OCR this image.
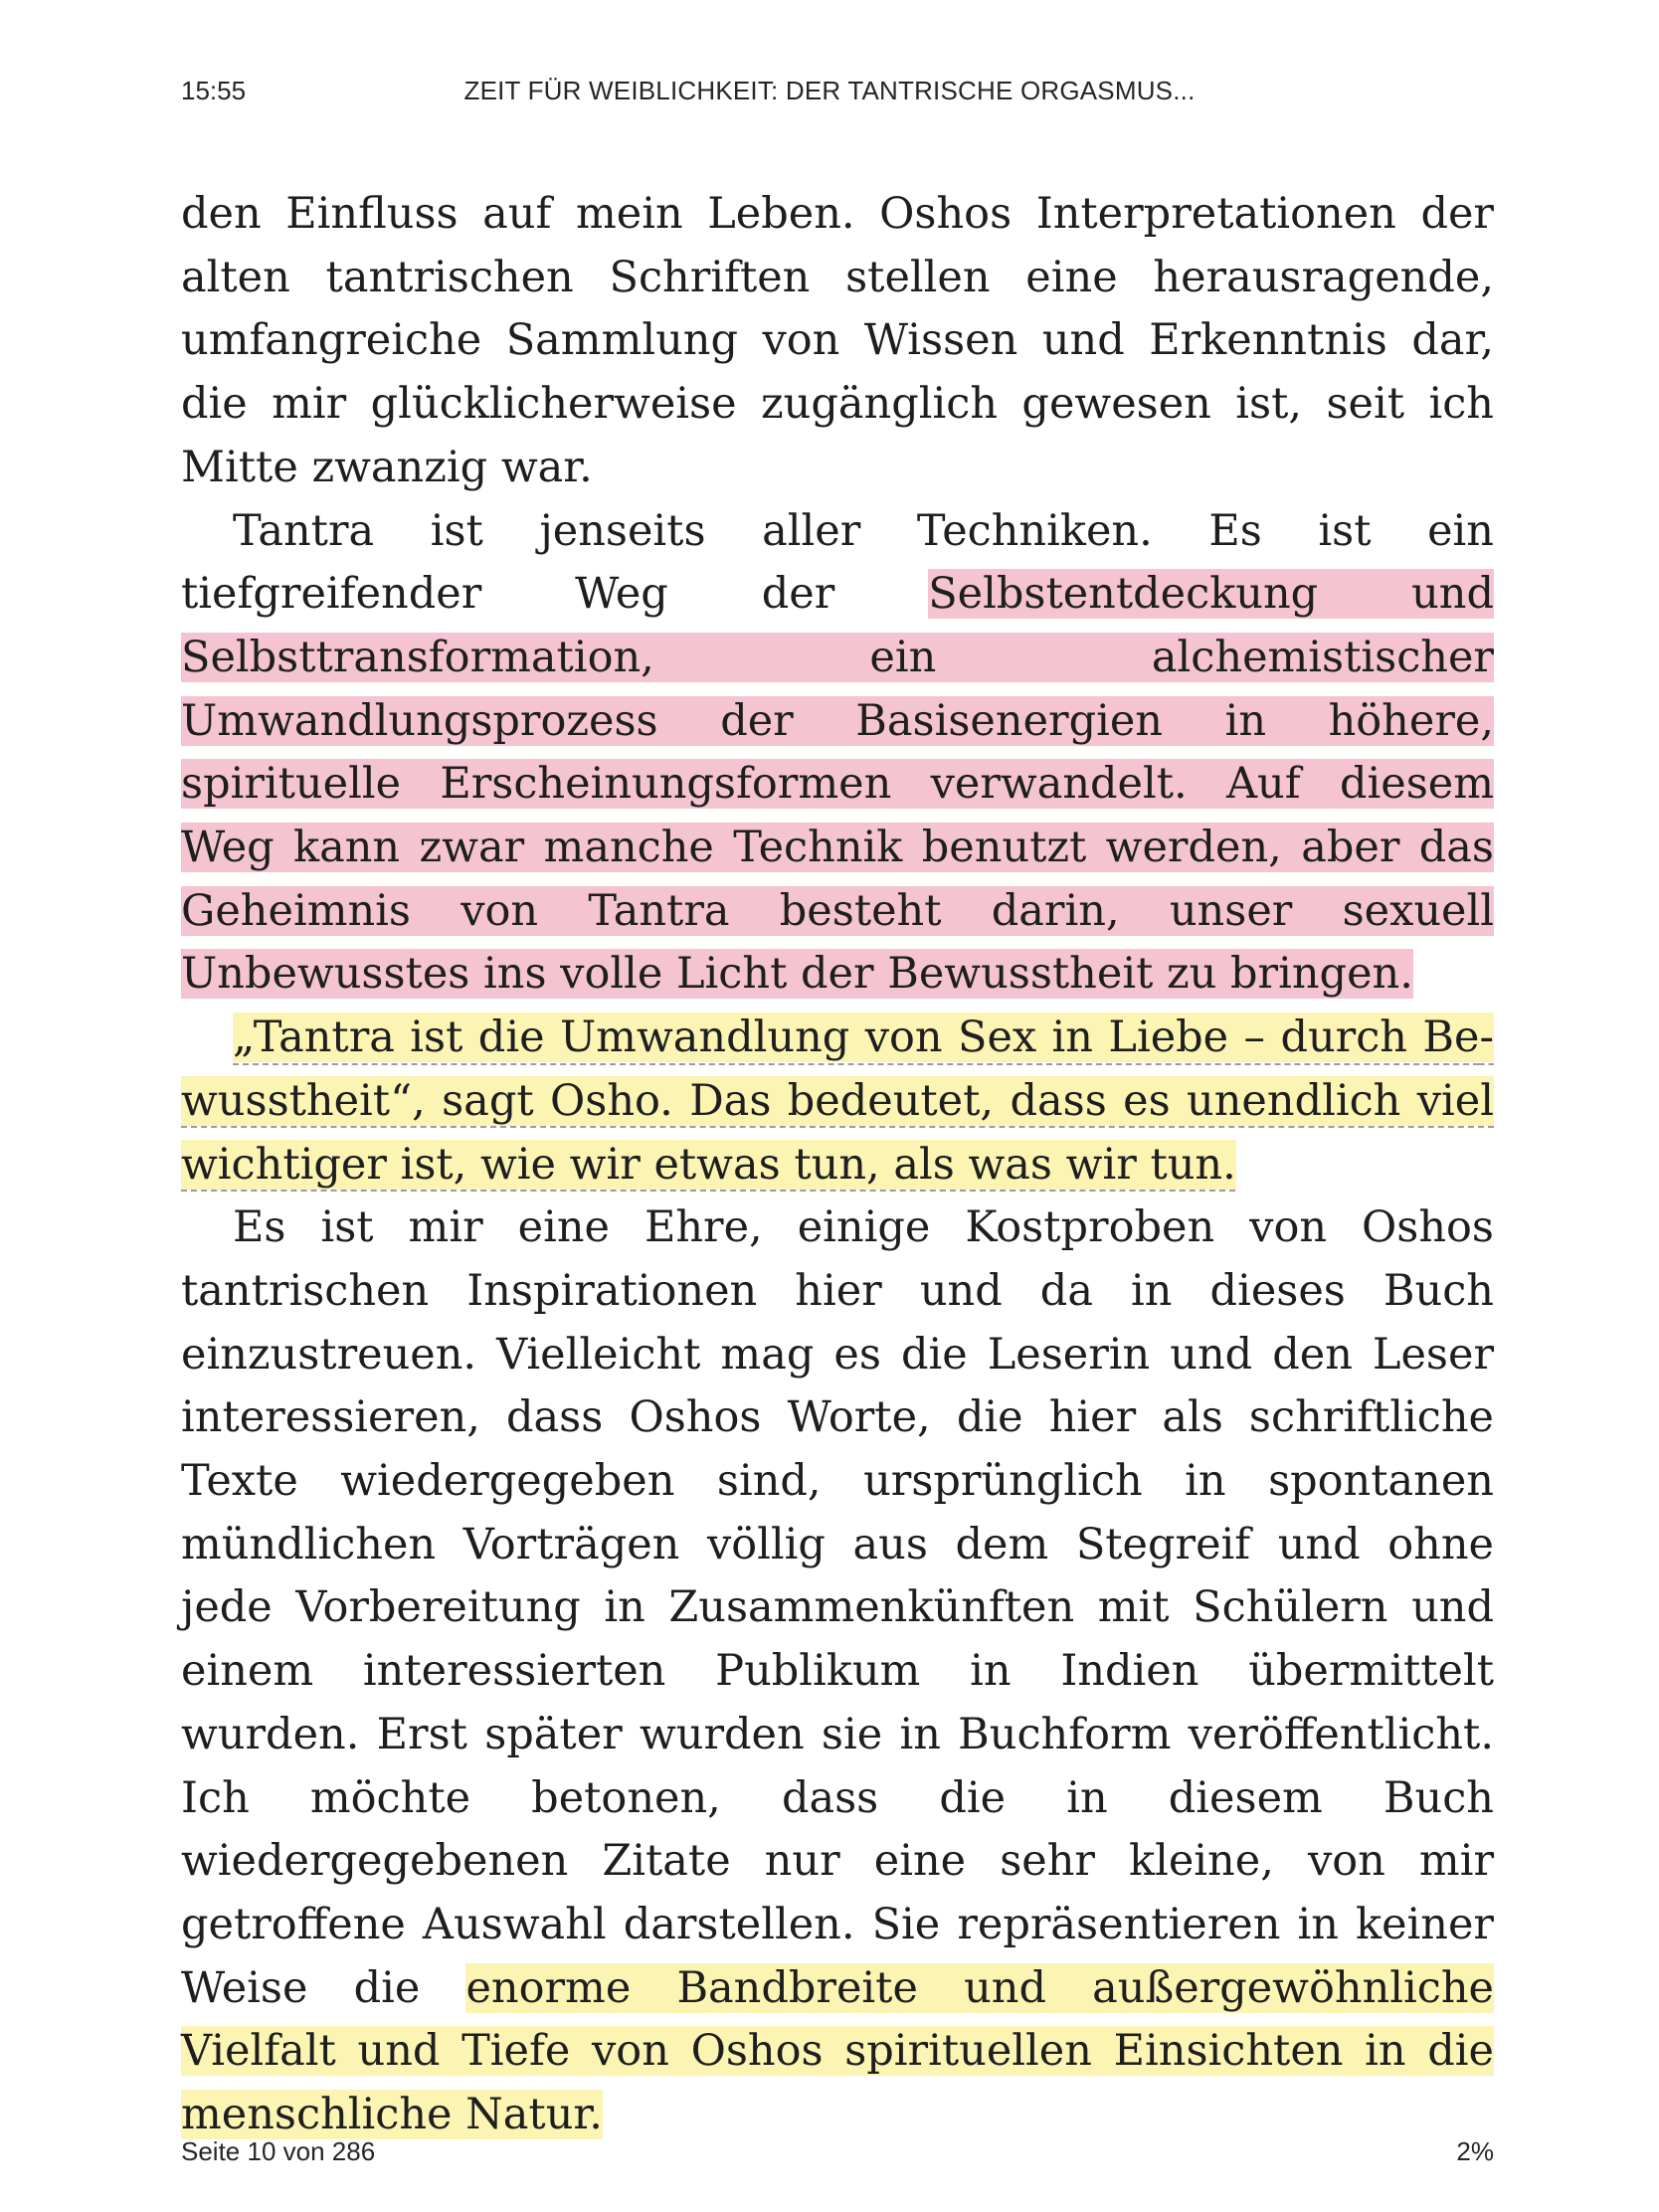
15:55	ZEIT FÜR WEIBLICHKEIT: DER TANTRISCHE ORGASMUS...

den Einfluss auf mein Leben. Oshos Interpretationen der alten tantrischen Schriften stellen eine herausragende, umfangreiche Sammlung von Wissen und Erkenntnis dar, die mir glücklicherweise zugänglich gewesen ist, seit ich Mitte zwanzig war.

Tantra ist jenseits aller Techniken. Es ist ein tiefgreifender Weg der Selbstentdeckung und Selbsttransformation, ein alchemistischer Umwandlungsprozess der Basisenergien in höhere, spirituelle Erscheinungsformen verwandelt. Auf diesem Weg kann zwar manche Technik benutzt werden, aber das Geheimnis von Tantra besteht darin, unser sexuell Unbewusstes ins volle Licht der Bewusstheit zu bringen.

„Tantra ist die Umwandlung von Sex in Liebe – durch Bewusstheit“, sagt Osho. Das bedeutet, dass es unendlich viel wichtiger ist, wie wir etwas tun, als was wir tun.

Es ist mir eine Ehre, einige Kostproben von Oshos tantrischen Inspirationen hier und da in dieses Buch einzustreuen. Vielleicht mag es die Leserin und den Leser interessieren, dass Oshos Worte, die hier als schriftliche Texte wiedergegeben sind, ursprünglich in spontanen mündlichen Vorträgen völlig aus dem Stegreif und ohne jede Vorbereitung in Zusammenkünften mit Schülern und einem interessierten Publikum in Indien übermittelt wurden. Erst später wurden sie in Buchform veröffentlicht. Ich möchte betonen, dass die in diesem Buch wiedergegebenen Zitate nur eine sehr kleine, von mir getroffene Auswahl darstellen. Sie repräsentieren in keiner Weise die enorme Bandbreite und außergewöhnliche Vielfalt und Tiefe von Oshos spirituellen Einsichten in die menschliche Natur.

Seite 10 von 286	2%
